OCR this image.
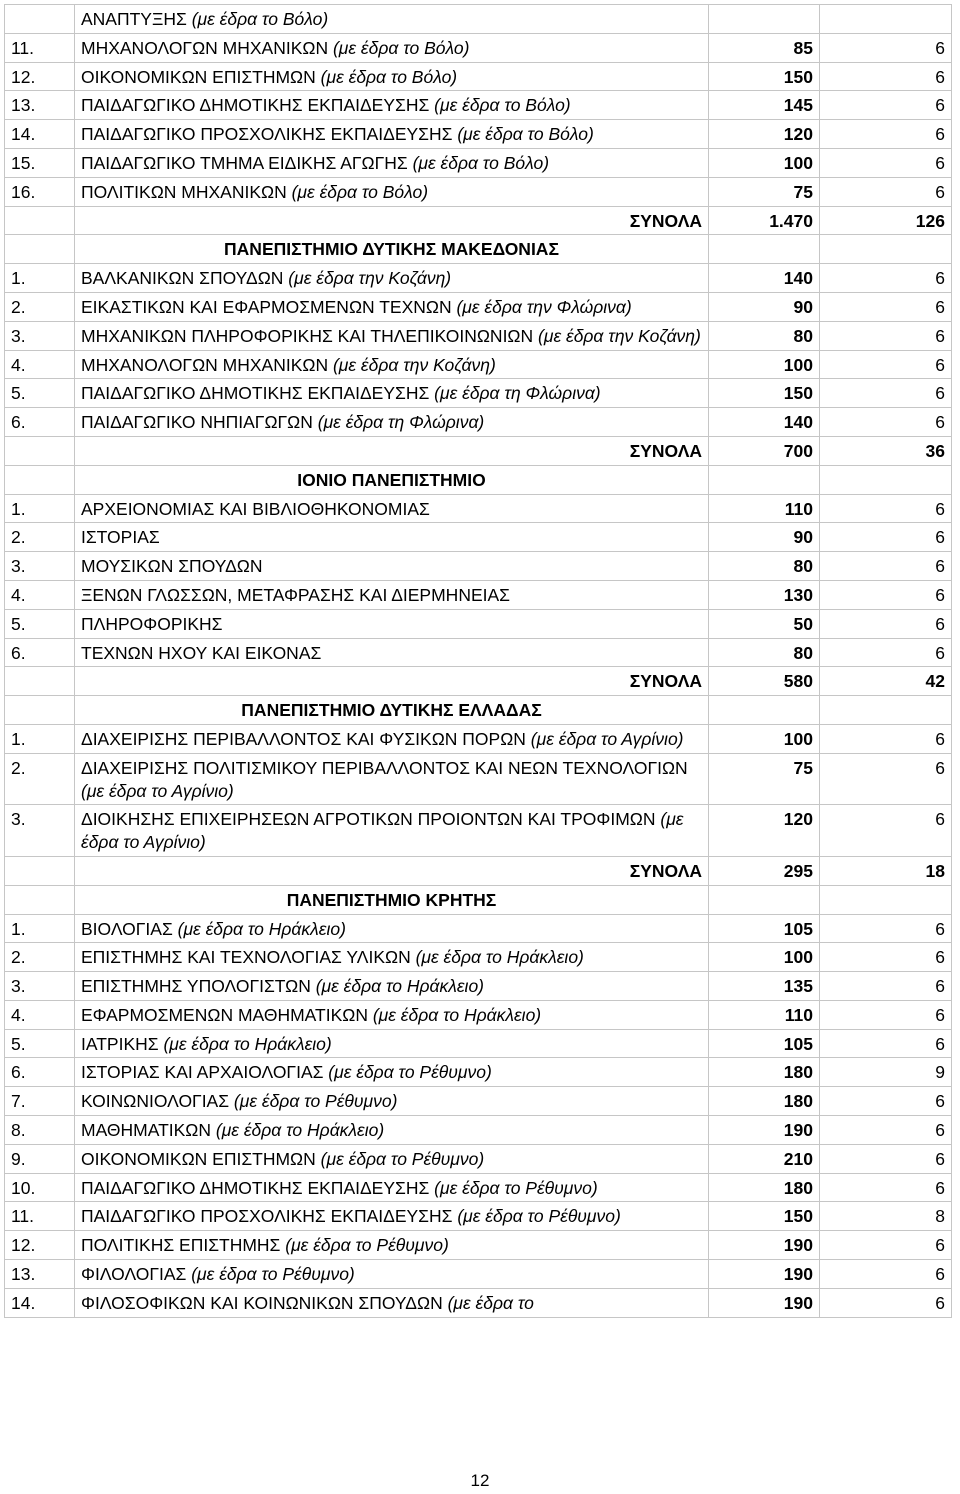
	ΑΝΑΠΤΥΞΗΣ (με έδρα το Βόλο)		
11.	ΜΗΧΑΝΟΛΟΓΩΝ ΜΗΧΑΝΙΚΩΝ (με έδρα το Βόλο)	85	6
12.	ΟΙΚΟΝΟΜΙΚΩΝ ΕΠΙΣΤΗΜΩΝ (με έδρα το Βόλο)	150	6
13.	ΠΑΙΔΑΓΩΓΙΚΟ ΔΗΜΟΤΙΚΗΣ ΕΚΠΑΙΔΕΥΣΗΣ (με έδρα το Βόλο)	145	6
14.	ΠΑΙΔΑΓΩΓΙΚΟ ΠΡΟΣΧΟΛΙΚΗΣ ΕΚΠΑΙΔΕΥΣΗΣ (με έδρα το Βόλο)	120	6
15.	ΠΑΙΔΑΓΩΓΙΚΟ ΤΜΗΜΑ ΕΙΔΙΚΗΣ ΑΓΩΓΗΣ (με έδρα το Βόλο)	100	6
16.	ΠΟΛΙΤΙΚΩΝ ΜΗΧΑΝΙΚΩΝ (με έδρα το Βόλο)	75	6
	ΣΥΝΟΛΑ	1.470	126
	ΠΑΝΕΠΙΣΤΗΜΙΟ ΔΥΤΙΚΗΣ ΜΑΚΕΔΟΝΙΑΣ		
1.	ΒΑΛΚΑΝΙΚΩΝ ΣΠΟΥΔΩΝ (με έδρα την Κοζάνη)	140	6
2.	ΕΙΚΑΣΤΙΚΩΝ ΚΑΙ ΕΦΑΡΜΟΣΜΕΝΩΝ ΤΕΧΝΩΝ (με έδρα την Φλώρινα)	90	6
3.	ΜΗΧΑΝΙΚΩΝ ΠΛΗΡΟΦΟΡΙΚΗΣ ΚΑΙ ΤΗΛΕΠΙΚΟΙΝΩΝΙΩΝ (με έδρα την Κοζάνη)	80	6
4.	ΜΗΧΑΝΟΛΟΓΩΝ ΜΗΧΑΝΙΚΩΝ (με έδρα την Κοζάνη)	100	6
5.	ΠΑΙΔΑΓΩΓΙΚΟ ΔΗΜΟΤΙΚΗΣ ΕΚΠΑΙΔΕΥΣΗΣ (με έδρα τη Φλώρινα)	150	6
6.	ΠΑΙΔΑΓΩΓΙΚΟ ΝΗΠΙΑΓΩΓΩΝ (με έδρα τη Φλώρινα)	140	6
	ΣΥΝΟΛΑ	700	36
	ΙΟΝΙΟ ΠΑΝΕΠΙΣΤΗΜΙΟ		
1.	ΑΡΧΕΙΟΝΟΜΙΑΣ ΚΑΙ ΒΙΒΛΙΟΘΗΚΟΝΟΜΙΑΣ	110	6
2.	ΙΣΤΟΡΙΑΣ	90	6
3.	ΜΟΥΣΙΚΩΝ ΣΠΟΥΔΩΝ	80	6
4.	ΞΕΝΩΝ ΓΛΩΣΣΩΝ, ΜΕΤΑΦΡΑΣΗΣ ΚΑΙ ΔΙΕΡΜΗΝΕΙΑΣ	130	6
5.	ΠΛΗΡΟΦΟΡΙΚΗΣ	50	6
6.	ΤΕΧΝΩΝ ΗΧΟΥ ΚΑΙ ΕΙΚΟΝΑΣ	80	6
	ΣΥΝΟΛΑ	580	42
	ΠΑΝΕΠΙΣΤΗΜΙΟ ΔΥΤΙΚΗΣ ΕΛΛΑΔΑΣ		
1.	ΔΙΑΧΕΙΡΙΣΗΣ ΠΕΡΙΒΑΛΛΟΝΤΟΣ ΚΑΙ ΦΥΣΙΚΩΝ ΠΟΡΩΝ (με έδρα το Αγρίνιο)	100	6
2.	ΔΙΑΧΕΙΡΙΣΗΣ ΠΟΛΙΤΙΣΜΙΚΟΥ ΠΕΡΙΒΑΛΛΟΝΤΟΣ ΚΑΙ ΝΕΩΝ ΤΕΧΝΟΛΟΓΙΩΝ (με έδρα το Αγρίνιο)	75	6
3.	ΔΙΟΙΚΗΣΗΣ ΕΠΙΧΕΙΡΗΣΕΩΝ ΑΓΡΟΤΙΚΩΝ ΠΡΟΙΟΝΤΩΝ ΚΑΙ ΤΡΟΦΙΜΩΝ (με έδρα το Αγρίνιο)	120	6
	ΣΥΝΟΛΑ	295	18
	ΠΑΝΕΠΙΣΤΗΜΙΟ ΚΡΗΤΗΣ		
1.	ΒΙΟΛΟΓΙΑΣ (με έδρα το Ηράκλειο)	105	6
2.	ΕΠΙΣΤΗΜΗΣ ΚΑΙ ΤΕΧΝΟΛΟΓΙΑΣ ΥΛΙΚΩΝ (με έδρα το Ηράκλειο)	100	6
3.	ΕΠΙΣΤΗΜΗΣ ΥΠΟΛΟΓΙΣΤΩΝ (με έδρα το Ηράκλειο)	135	6
4.	ΕΦΑΡΜΟΣΜΕΝΩΝ ΜΑΘΗΜΑΤΙΚΩΝ (με έδρα το Ηράκλειο)	110	6
5.	ΙΑΤΡΙΚΗΣ (με έδρα το Ηράκλειο)	105	6
6.	ΙΣΤΟΡΙΑΣ ΚΑΙ ΑΡΧΑΙΟΛΟΓΙΑΣ (με έδρα το Ρέθυμνο)	180	9
7.	ΚΟΙΝΩΝΙΟΛΟΓΙΑΣ (με έδρα το Ρέθυμνο)	180	6
8.	ΜΑΘΗΜΑΤΙΚΩΝ (με έδρα το Ηράκλειο)	190	6
9.	ΟΙΚΟΝΟΜΙΚΩΝ ΕΠΙΣΤΗΜΩΝ (με έδρα το Ρέθυμνο)	210	6
10.	ΠΑΙΔΑΓΩΓΙΚΟ ΔΗΜΟΤΙΚΗΣ ΕΚΠΑΙΔΕΥΣΗΣ (με έδρα το Ρέθυμνο)	180	6
11.	ΠΑΙΔΑΓΩΓΙΚΟ ΠΡΟΣΧΟΛΙΚΗΣ ΕΚΠΑΙΔΕΥΣΗΣ (με έδρα το Ρέθυμνο)	150	8
12.	ΠΟΛΙΤΙΚΗΣ ΕΠΙΣΤΗΜΗΣ (με έδρα το Ρέθυμνο)	190	6
13.	ΦΙΛΟΛΟΓΙΑΣ (με έδρα το Ρέθυμνο)	190	6
14.	ΦΙΛΟΣΟΦΙΚΩΝ ΚΑΙ ΚΟΙΝΩΝΙΚΩΝ ΣΠΟΥΔΩΝ (με έδρα το	190	6
12
